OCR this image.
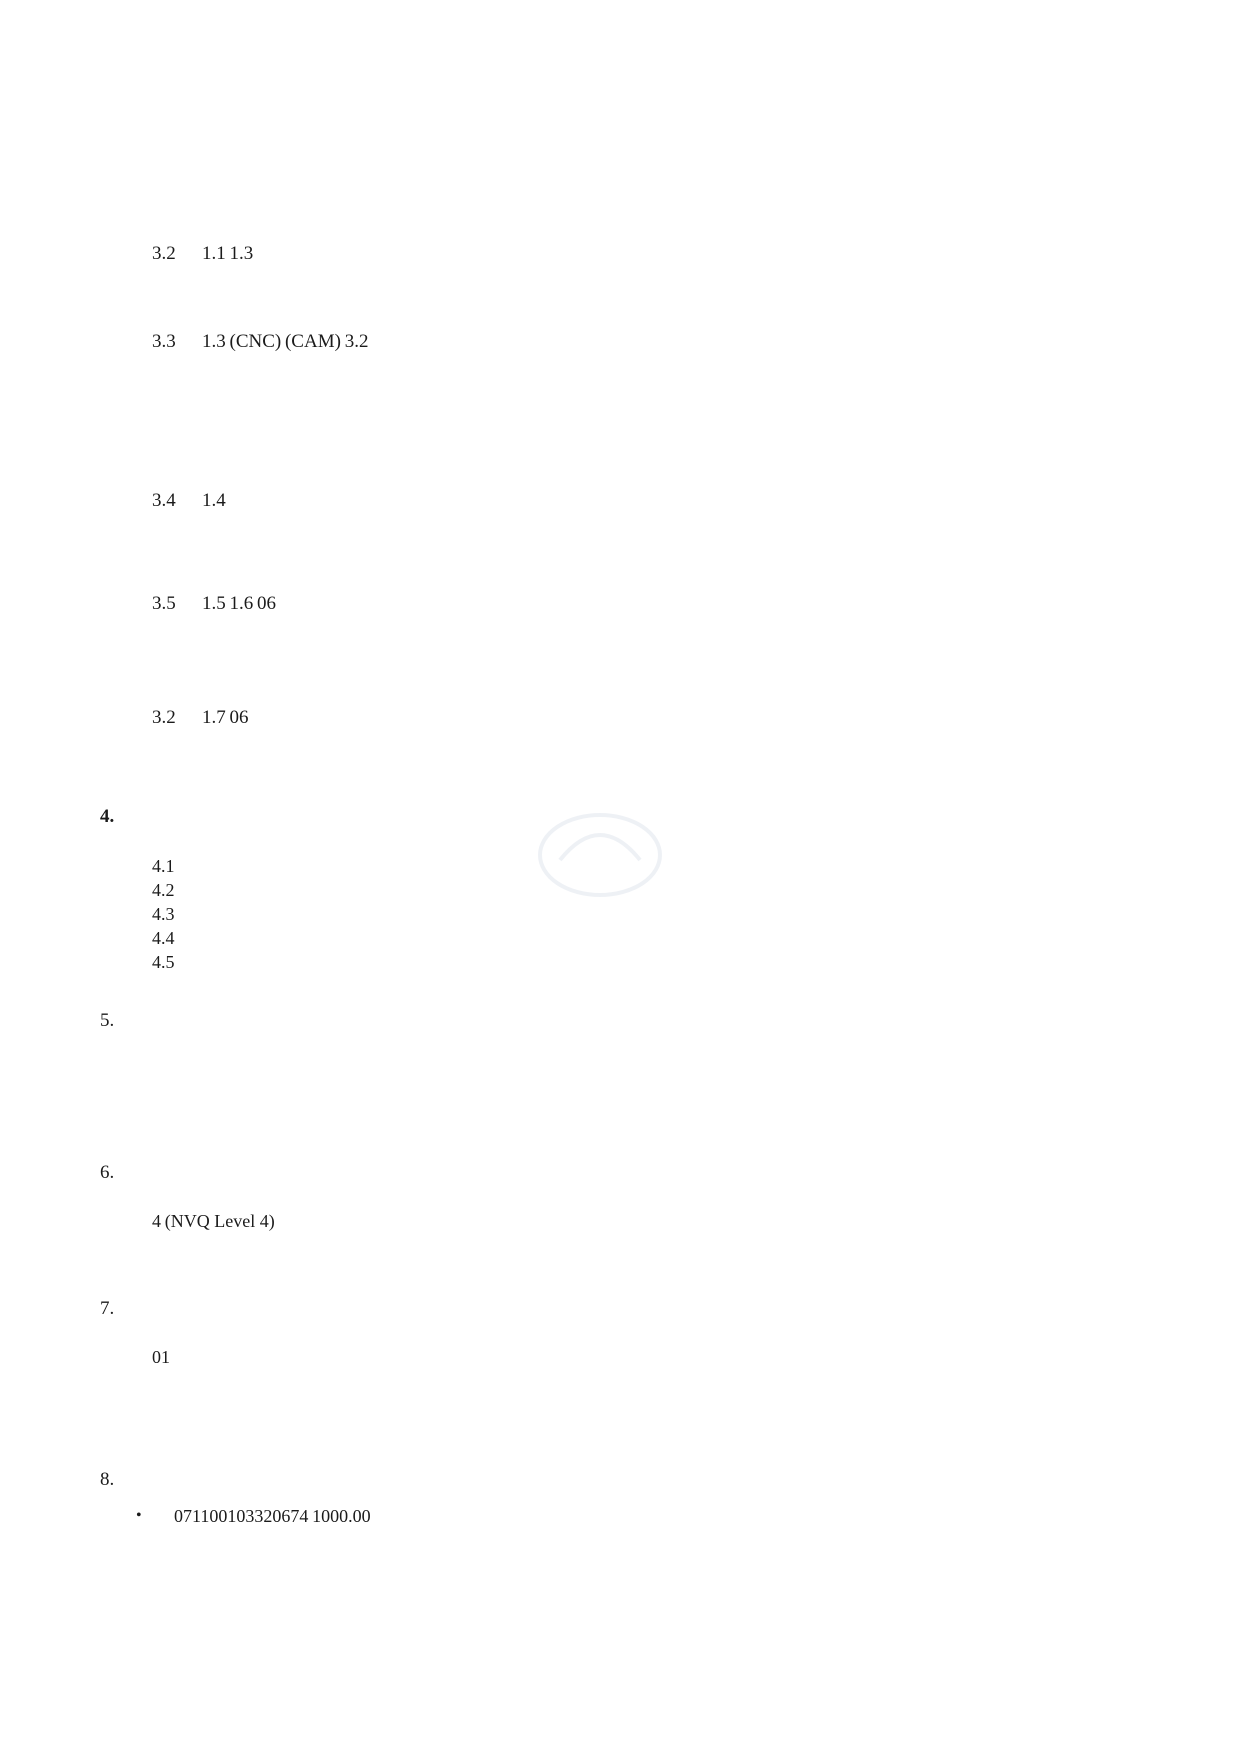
3.2 1.1 1.3
3.3 1.3 (CNC) (CAM) 3.2
3.4 1.4
3.5 1.5 1.6 06
3.2 1.7 06
4.
4.1
4.2
4.3
4.4
4.5
5.
6.
4 (NVQ Level 4)
7.
01
8.
• 071100103320674 1000.00
